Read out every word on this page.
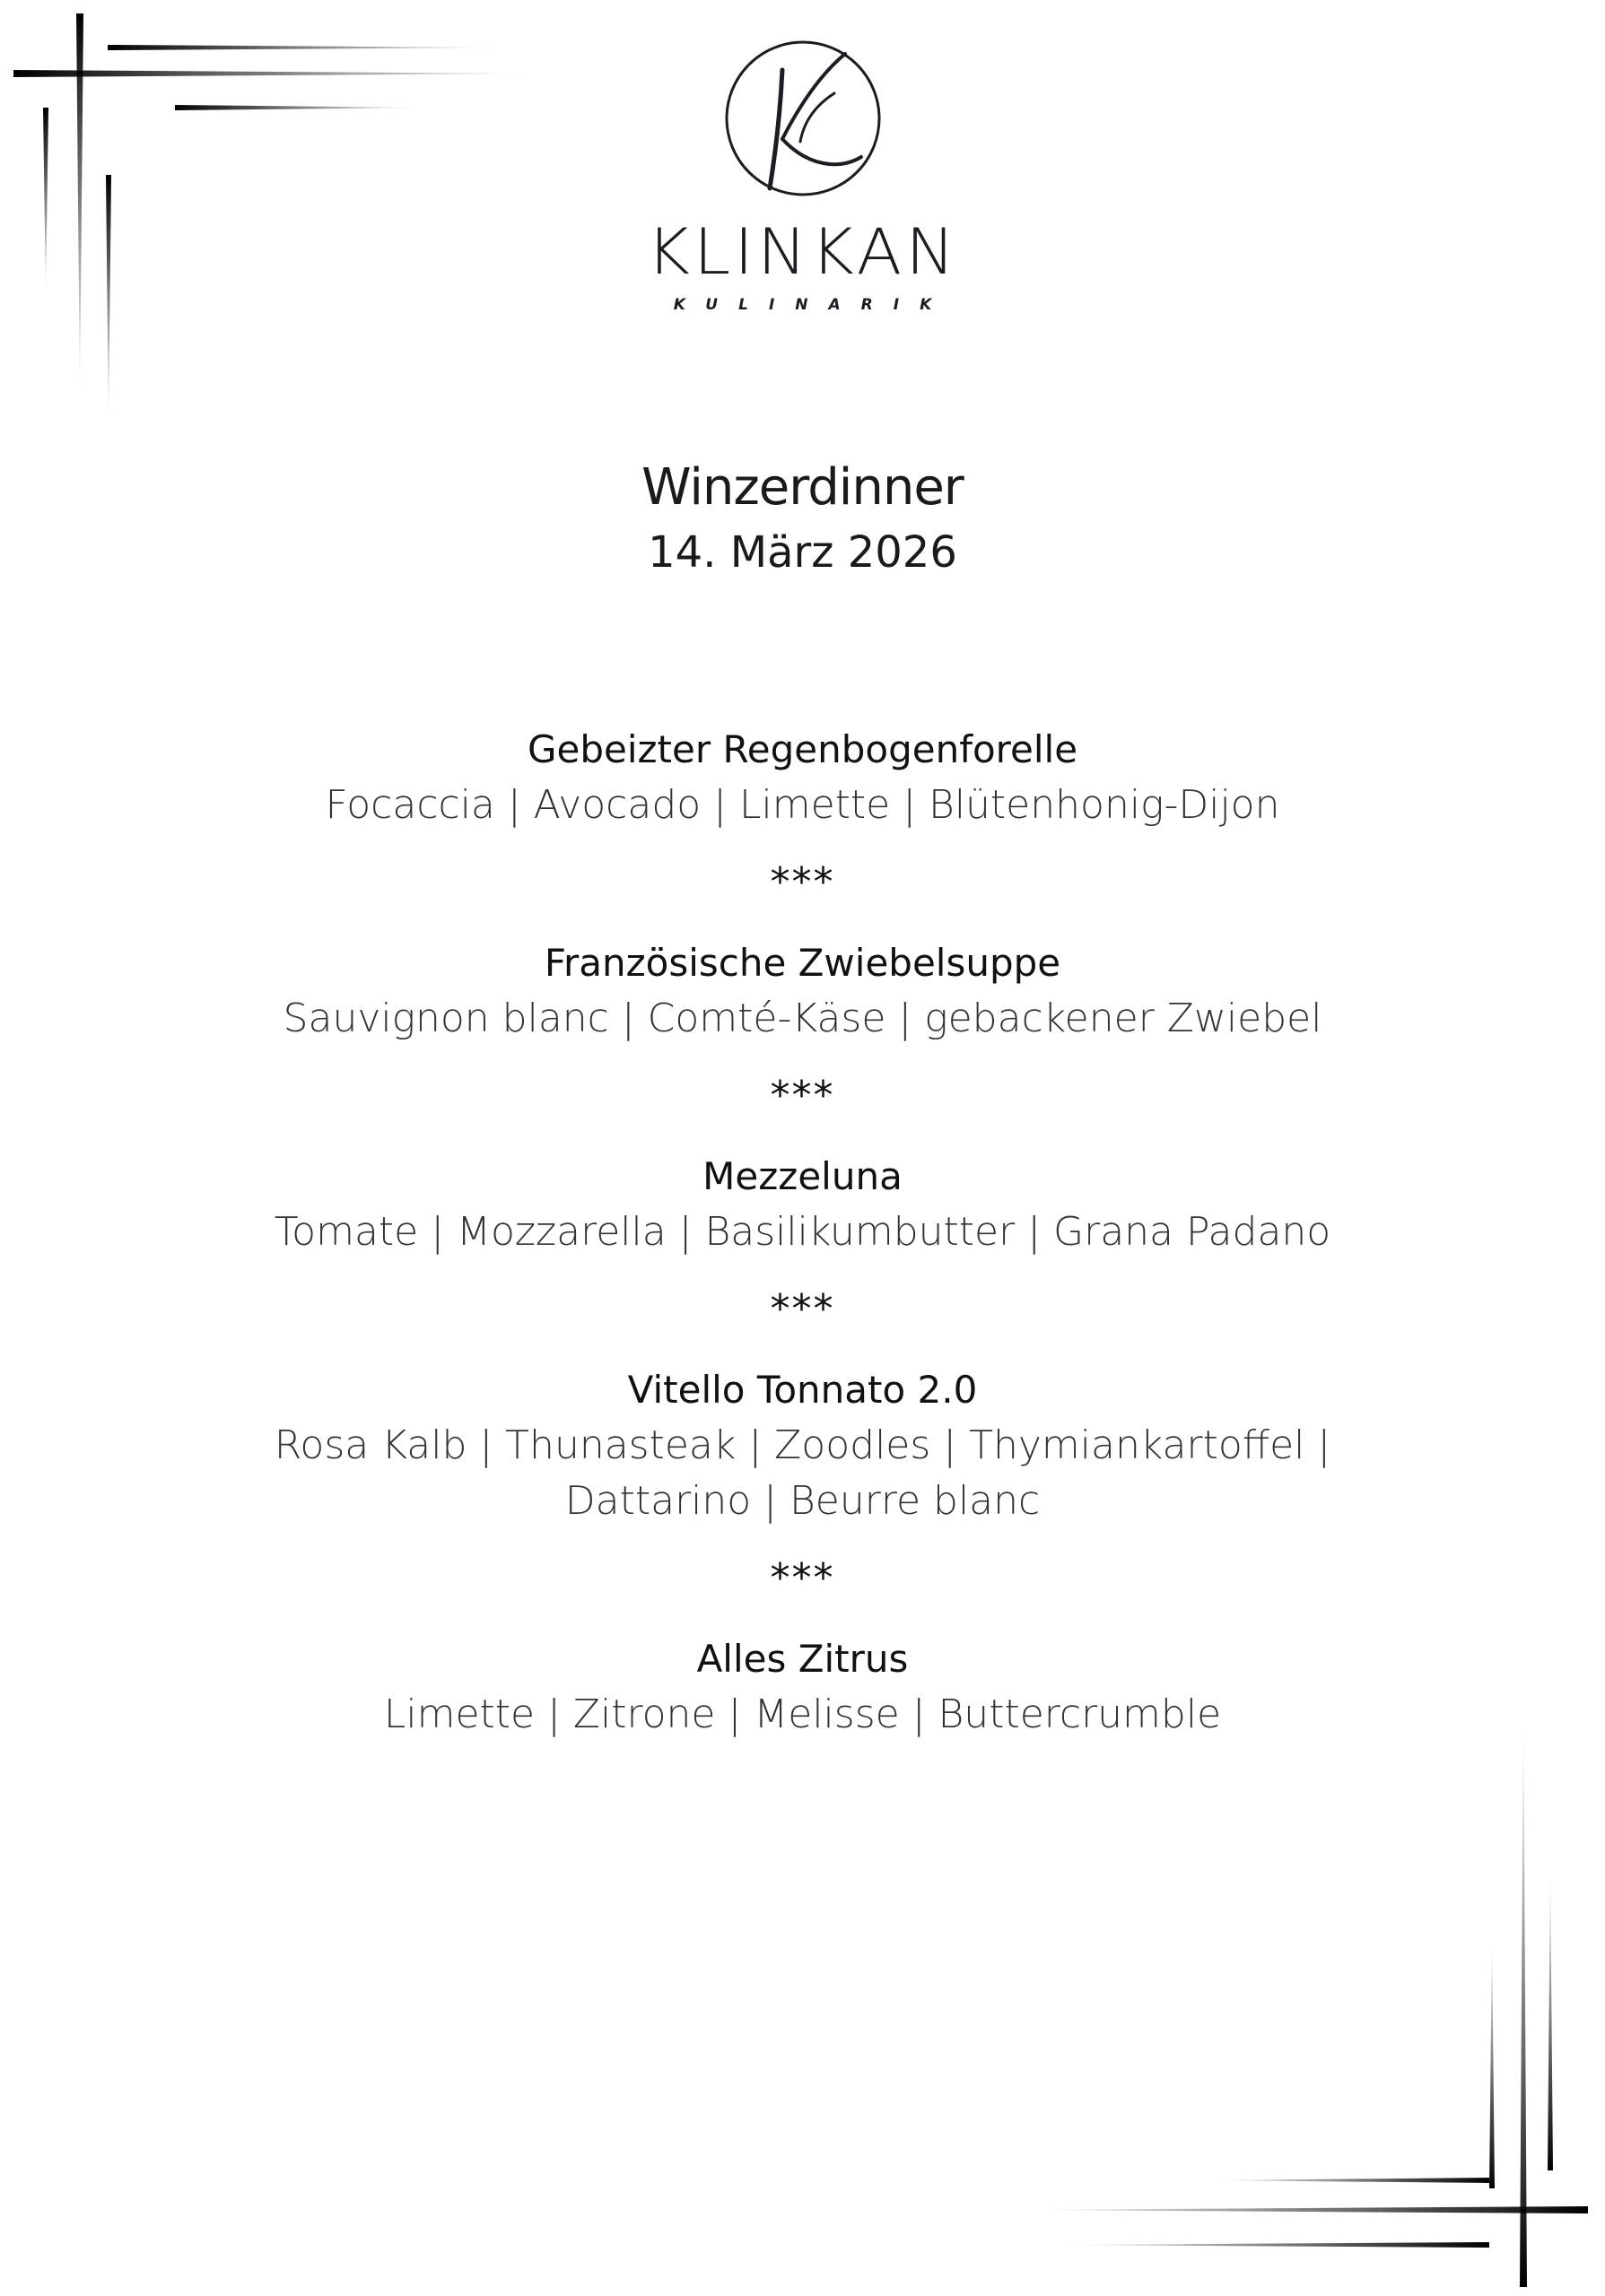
KLINKAN
KULINARIK
Winzerdinner
14. März 2026
Gebeizter Regenbogenforelle
Focaccia | Avocado | Limette | Blütenhonig-Dijon
***
Französische Zwiebelsuppe
Sauvignon blanc | Comté-Käse | gebackener Zwiebel
***
Mezzeluna
Tomate | Mozzarella | Basilikumbutter | Grana Padano
***
Vitello Tonnato 2.0
Rosa Kalb | Thunasteak | Zoodles | Thymiankartoffel |
Dattarino | Beurre blanc
***
Alles Zitrus
Limette | Zitrone | Melisse | Buttercrumble
